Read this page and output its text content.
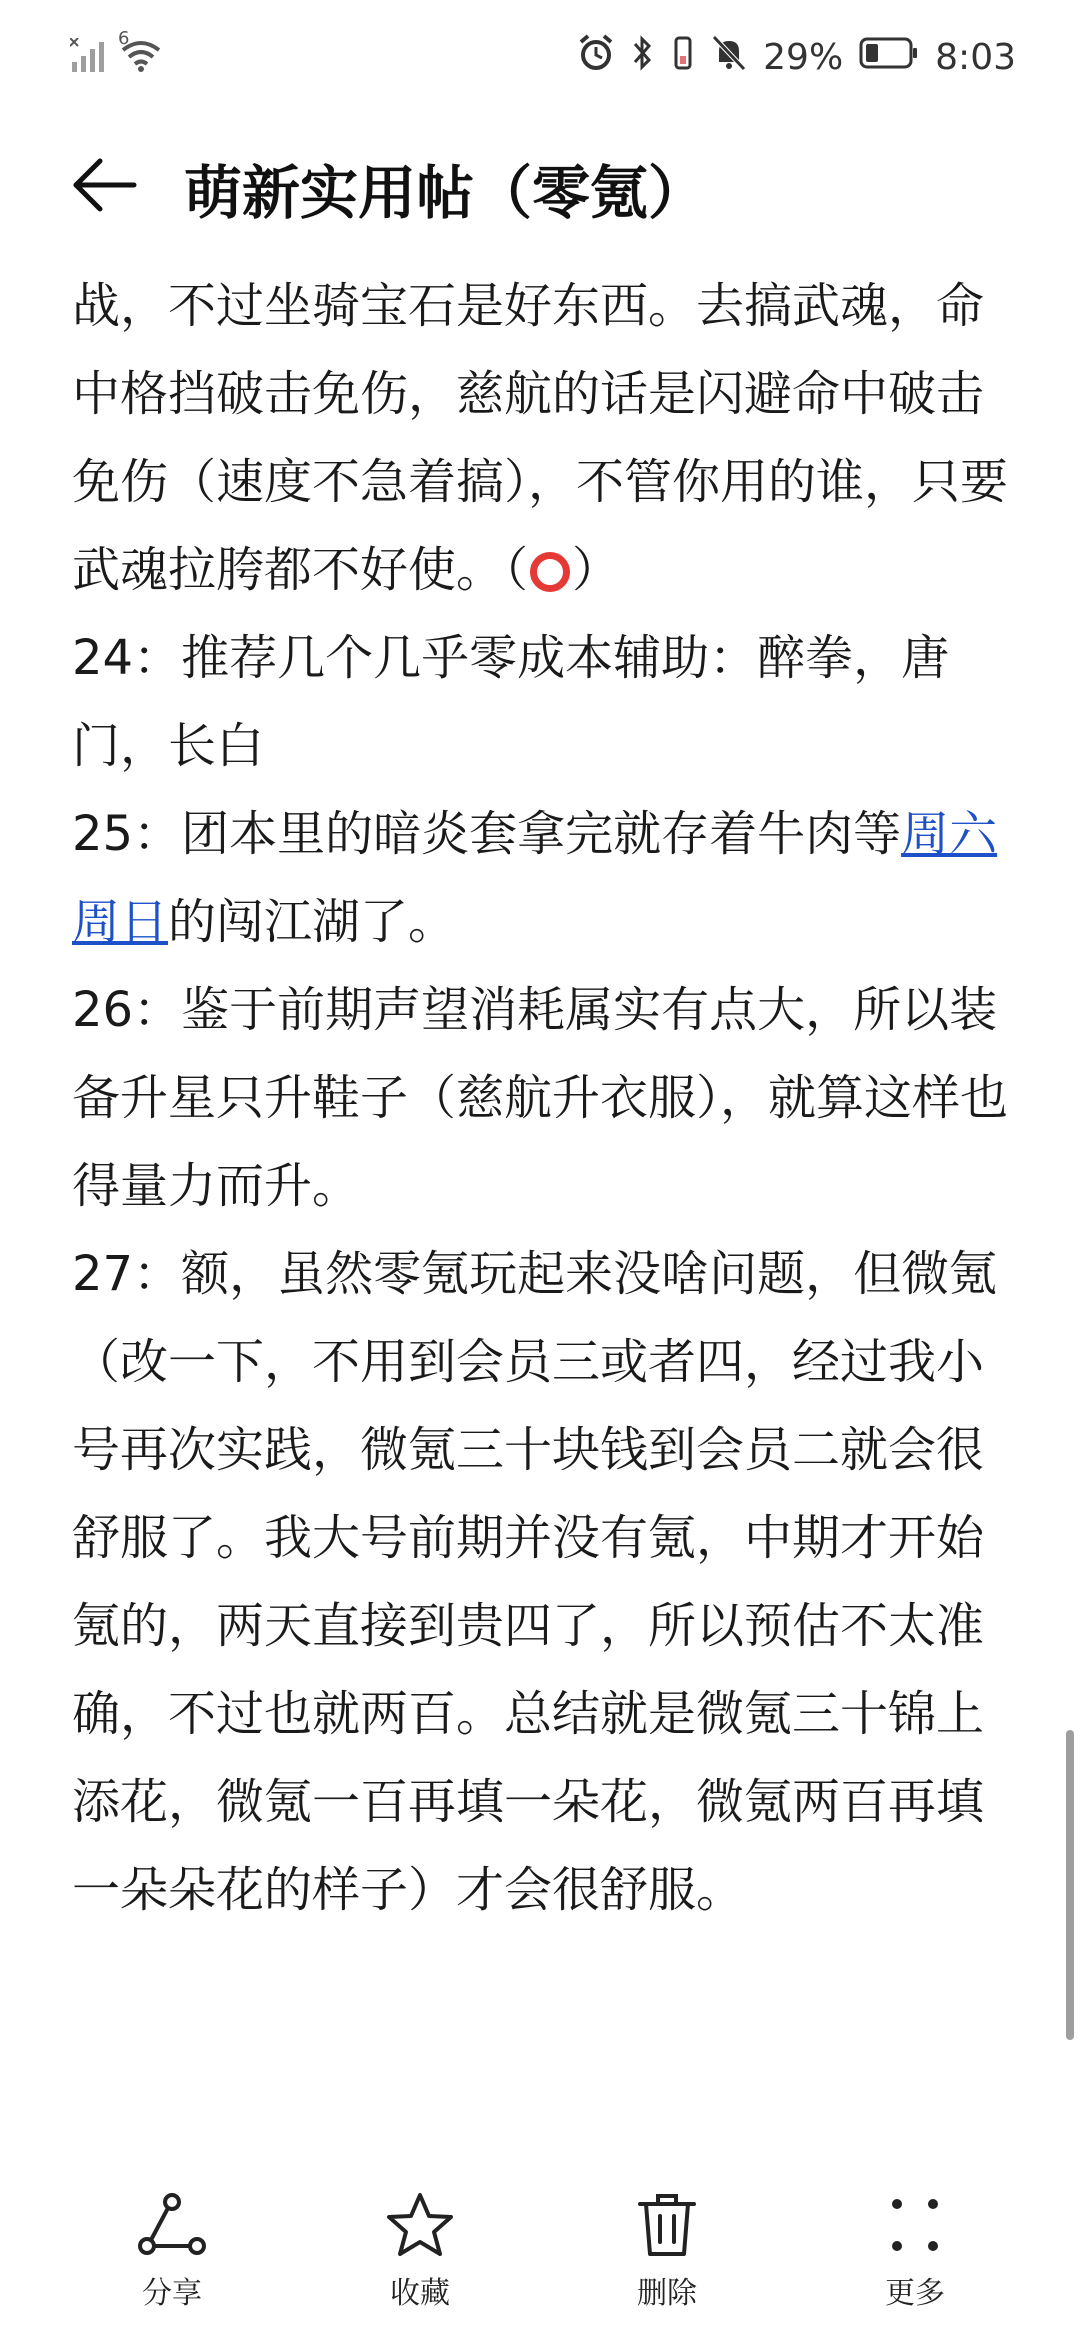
6	29%	8:03
萌新实用帖（零氪）

战，不过坐骑宝石是好东西。去搞武魂，命中格挡破击免伤，慈航的话是闪避命中破击免伤（速度不急着搞），不管你用的谁，只要武魂拉胯都不好使。（ ）

24：推荐几个几乎零成本辅助：醉拳，唐门，长白

25：团本里的暗炎套拿完就存着牛肉等周六周日的闯江湖了。

26：鉴于前期声望消耗属实有点大，所以装备升星只升鞋子（慈航升衣服），就算这样也得量力而升。

27：额，虽然零氪玩起来没啥问题，但微氪（改一下，不用到会员三或者四，经过我小号再次实践，微氪三十块钱到会员二就会很舒服了。我大号前期并没有氪，中期才开始氪的，两天直接到贵四了，所以预估不太准确，不过也就两百。总结就是微氪三十锦上添花，微氪一百再填一朵花，微氪两百再填一朵朵花的样子）才会很舒服。

分享	收藏	删除	更多
